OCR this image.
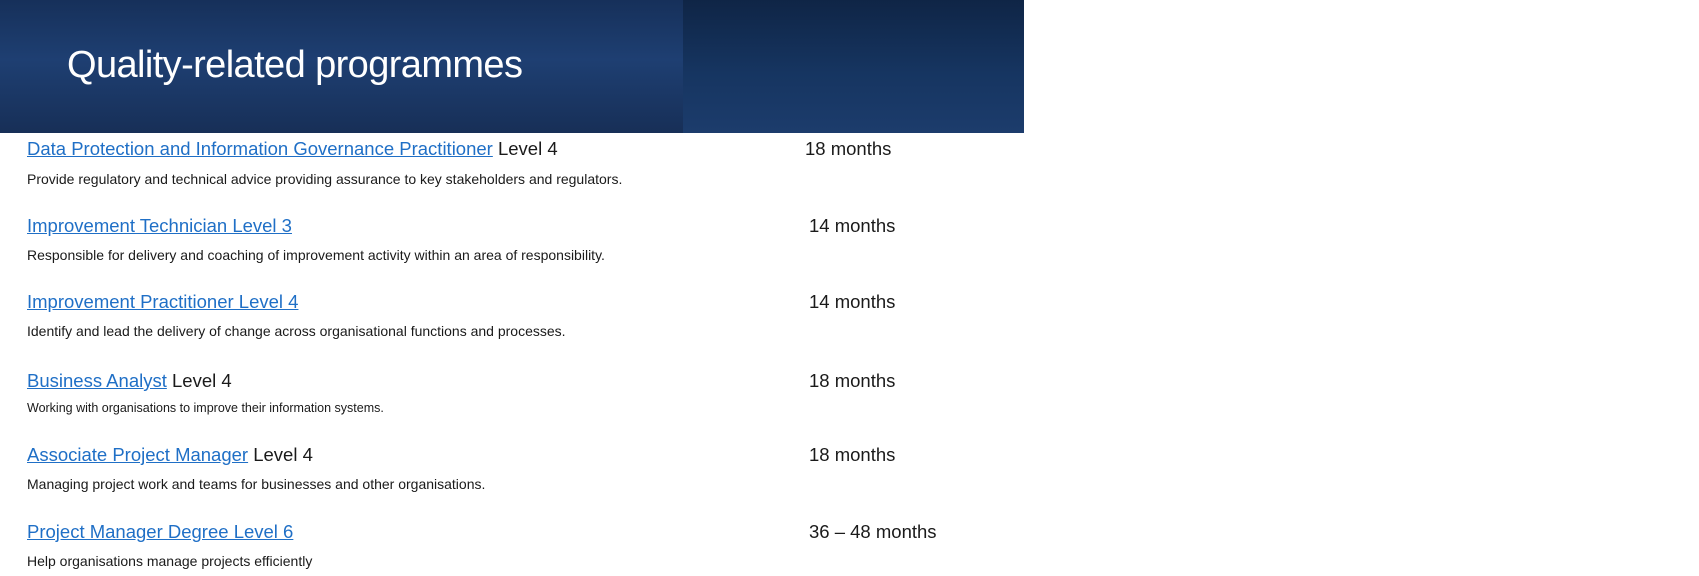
Quality-related programmes
Types of roles these apprenticeships support:
Business Managers, Quality & Improvement roles, Compliance, Project support/managers, career progression towards the Digital and Transformation Lead role.
Data Protection and Information Governance Practitioner Level 4	18 months
Provide regulatory and technical advice providing assurance to key stakeholders and regulators.
Improvement Technician Level 3	14 months
Responsible for delivery and coaching of improvement activity within an area of responsibility.
Improvement Practitioner Level 4	14 months
Identify and lead the delivery of change across organisational functions and processes.
Business Analyst Level 4	18 months
Working with organisations to improve their information systems.
Associate Project Manager Level 4	18 months
Managing project work and teams for businesses and other organisations.
Project Manager Degree Level 6	36 – 48 months
Help organisations manage projects efficiently
